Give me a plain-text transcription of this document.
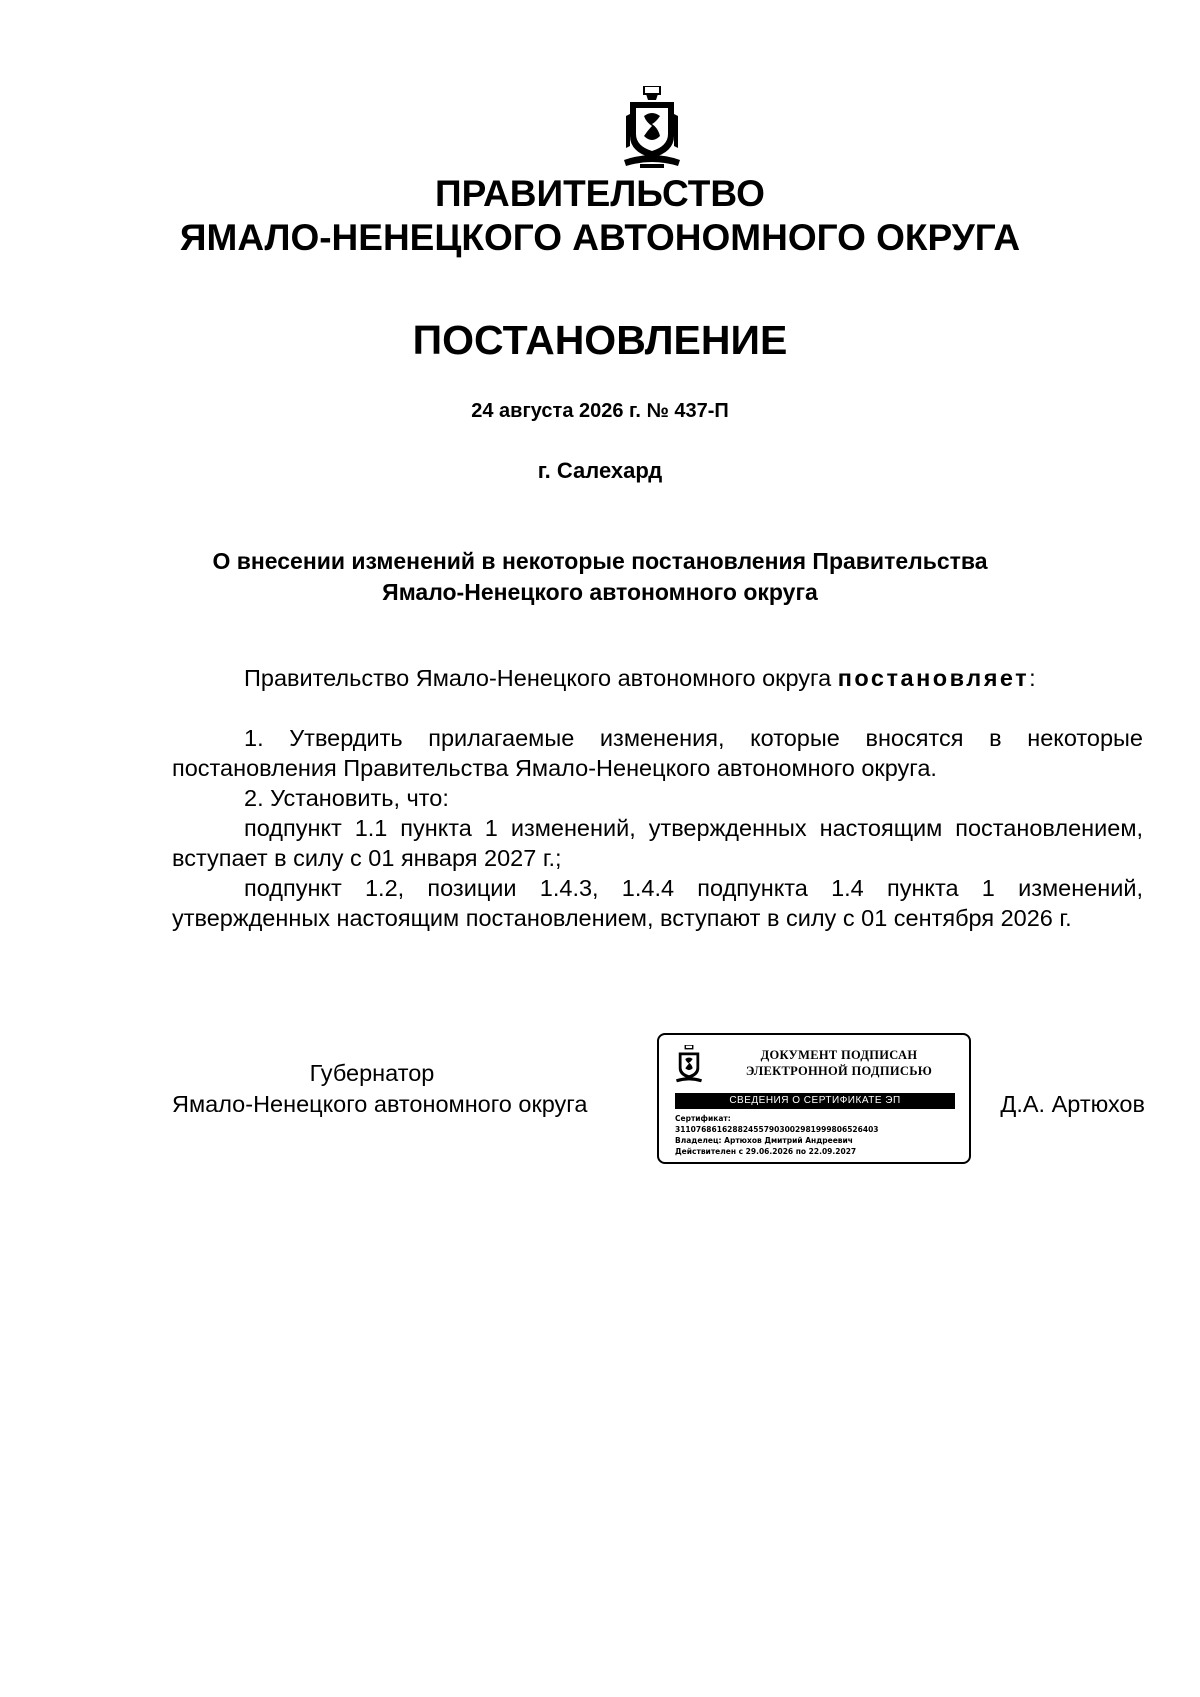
ПРАВИТЕЛЬСТВО
ЯМАЛО-НЕНЕЦКОГО АВТОНОМНОГО ОКРУГА
ПОСТАНОВЛЕНИЕ
24 августа 2026 г. № 437-П
г. Салехард
О внесении изменений в некоторые постановления Правительства
Ямало-Ненецкого автономного округа

Правительство Ямало-Ненецкого автономного округа постановляет:

1. Утвердить прилагаемые изменения, которые вносятся в некоторые постановления Правительства Ямало-Ненецкого автономного округа.

2. Установить, что:

подпункт 1.1 пункта 1 изменений, утвержденных настоящим постановлением, вступает в силу с 01 января 2027 г.;

подпункт 1.2, позиции 1.4.3, 1.4.4 подпункта 1.4 пункта 1 изменений, утвержденных настоящим постановлением, вступают в силу с 01 сентября 2026 г.

Губернатор
Ямало-Ненецкого автономного округа
ДОКУМЕНТ ПОДПИСАН
ЭЛЕКТРОННОЙ ПОДПИСЬЮ
СВЕДЕНИЯ О СЕРТИФИКАТЕ ЭП
Сертификат:
311076861628824557903002981999806526403
Владелец: Артюхов Дмитрий Андреевич
Действителен с 29.06.2026 по 22.09.2027
Д.А. Артюхов
